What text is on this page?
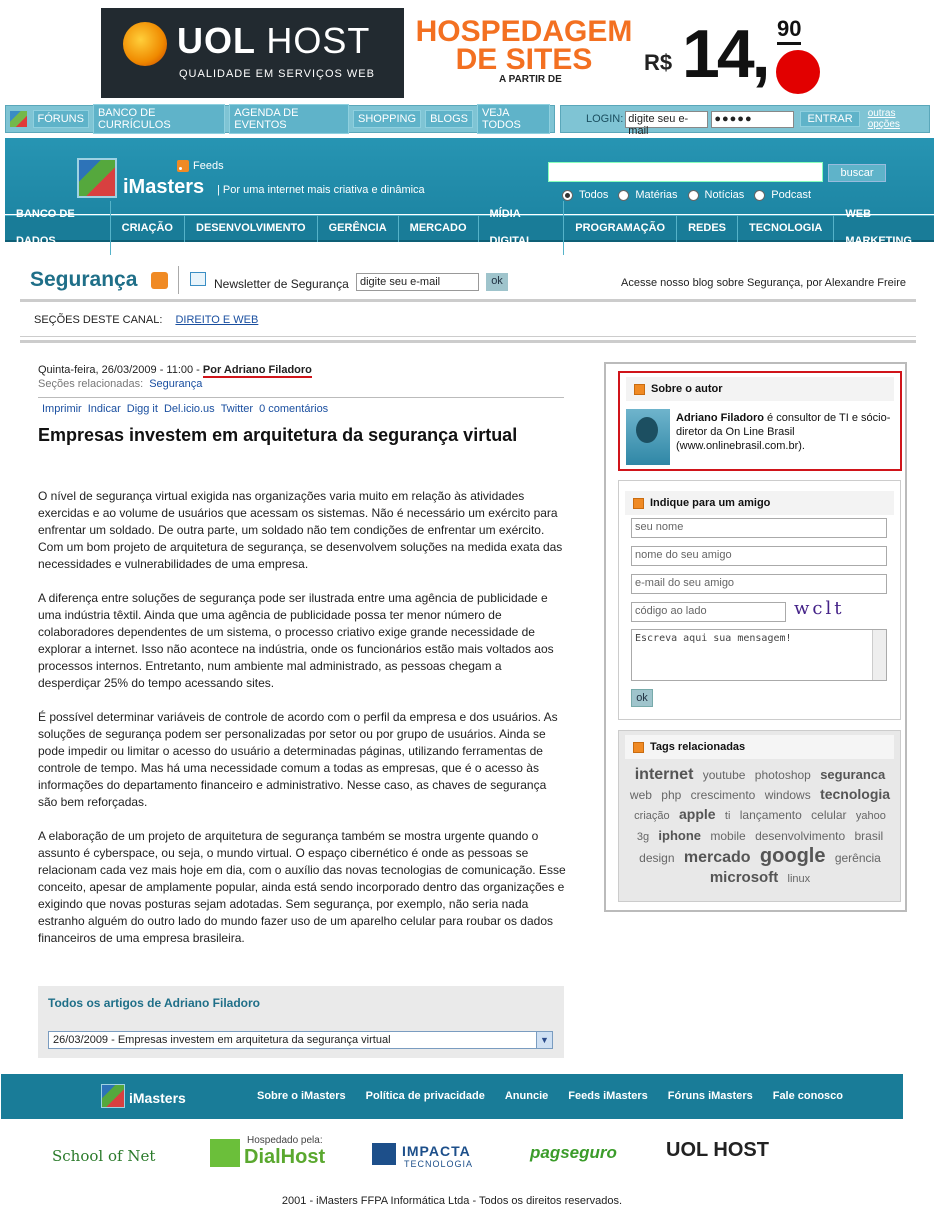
UOL HOST
QUALIDADE EM SERVIÇOS WEB
HOSPEDAGEM
DE SITES
A PARTIR DE
R$ 14, 90
FÓRUNS	BANCO DE CURRÍCULOS
AGENDA DE EVENTOS	SHOPPING	BLOGS	VEJA TODOS	LOGIN: digite seu e-mail
●●●●●	ENTRAR	outras opções
iMasters
Feeds
| Por uma internet mais criativa e dinâmica
buscar
Todos Matérias Notícias Podcast
BANCO DE DADOS
CRIAÇÃO	DESENVOLVIMENTO	GERÊNCIA	MERCADO
MÍDIA DIGITAL
PROGRAMAÇÃO	REDES	TECNOLOGIA
WEB MARKETING
Segurança	Newsletter de Segurança	digite seu e-mail	ok	Acesse nosso blog sobre Segurança, por Alexandre Freire
SEÇÕES DESTE CANAL: DIREITO E WEB
Quinta-feira, 26/03/2009 - 11:00 - Por Adriano Filadoro
Seções relacionadas: Segurança
Imprimir Indicar Digg it Del.icio.us Twitter 0 comentários
Empresas investem em arquitetura da segurança virtual

O nível de segurança virtual exigida nas organizações varia muito em relação às atividades exercidas e ao volume de usuários que acessam os sistemas. Não é necessário um exército para enfrentar um soldado. De outra parte, um soldado não tem condições de enfrentar um exército. Com um bom projeto de arquitetura de segurança, se desenvolvem soluções na medida exata das necessidades e vulnerabilidades de uma empresa.

A diferença entre soluções de segurança pode ser ilustrada entre uma agência de publicidade e uma indústria têxtil. Ainda que uma agência de publicidade possa ter menor número de colaboradores dependentes de um sistema, o processo criativo exige grande necessidade de explorar a internet. Isso não acontece na indústria, onde os funcionários estão mais voltados aos processos internos. Entretanto, num ambiente mal administrado, as pessoas chegam a desperdiçar 25% do tempo acessando sites.

É possível determinar variáveis de controle de acordo com o perfil da empresa e dos usuários. As soluções de segurança podem ser personalizadas por setor ou por grupo de usuários. Ainda se pode impedir ou limitar o acesso do usuário a determinadas páginas, utilizando ferramentas de controle de tempo. Mas há uma necessidade comum a todas as empresas, que é o acesso às informações do departamento financeiro e administrativo. Nesse caso, as chaves de segurança são bem reforçadas.

A elaboração de um projeto de arquitetura de segurança também se mostra urgente quando o assunto é cyberspace, ou seja, o mundo virtual. O espaço cibernético é onde as pessoas se relacionam cada vez mais hoje em dia, com o auxílio das novas tecnologias de comunicação. Esse conceito, apesar de amplamente popular, ainda está sendo incorporado dentro das organizações e exigindo que novas posturas sejam adotadas. Sem segurança, por exemplo, não seria nada estranho alguém do outro lado do mundo fazer uso de um aparelho celular para roubar os dados financeiros de uma empresa brasileira.

Todos os artigos de Adriano Filadoro
26/03/2009 - Empresas investem em arquitetura da segurança virtual	▼
Sobre o autor
Adriano Filadoro é consultor de TI e sócio-diretor da On Line Brasil (www.onlinebrasil.com.br).
Indique para um amigo
seu nome
nome do seu amigo
e-mail do seu amigo
código ao lado	wclt
Escreva aqui sua mensagem!
ok
Tags relacionadas
internet youtube photoshop seguranca web php crescimento windows tecnologia criação apple ti lançamento celular yahoo 3g iphone mobile desenvolvimento brasil design mercado google gerência microsoft linux
iMasters	Sobre o iMasters Política de privacidade Anuncie Feeds iMasters Fóruns iMasters Fale conosco
School of Net
Hospedado pela:
DialHost	IMPACTA
TECNOLOGIA
pagseguro UOL HOST
2001 - iMasters FFPA Informática Ltda - Todos os direitos reservados.
